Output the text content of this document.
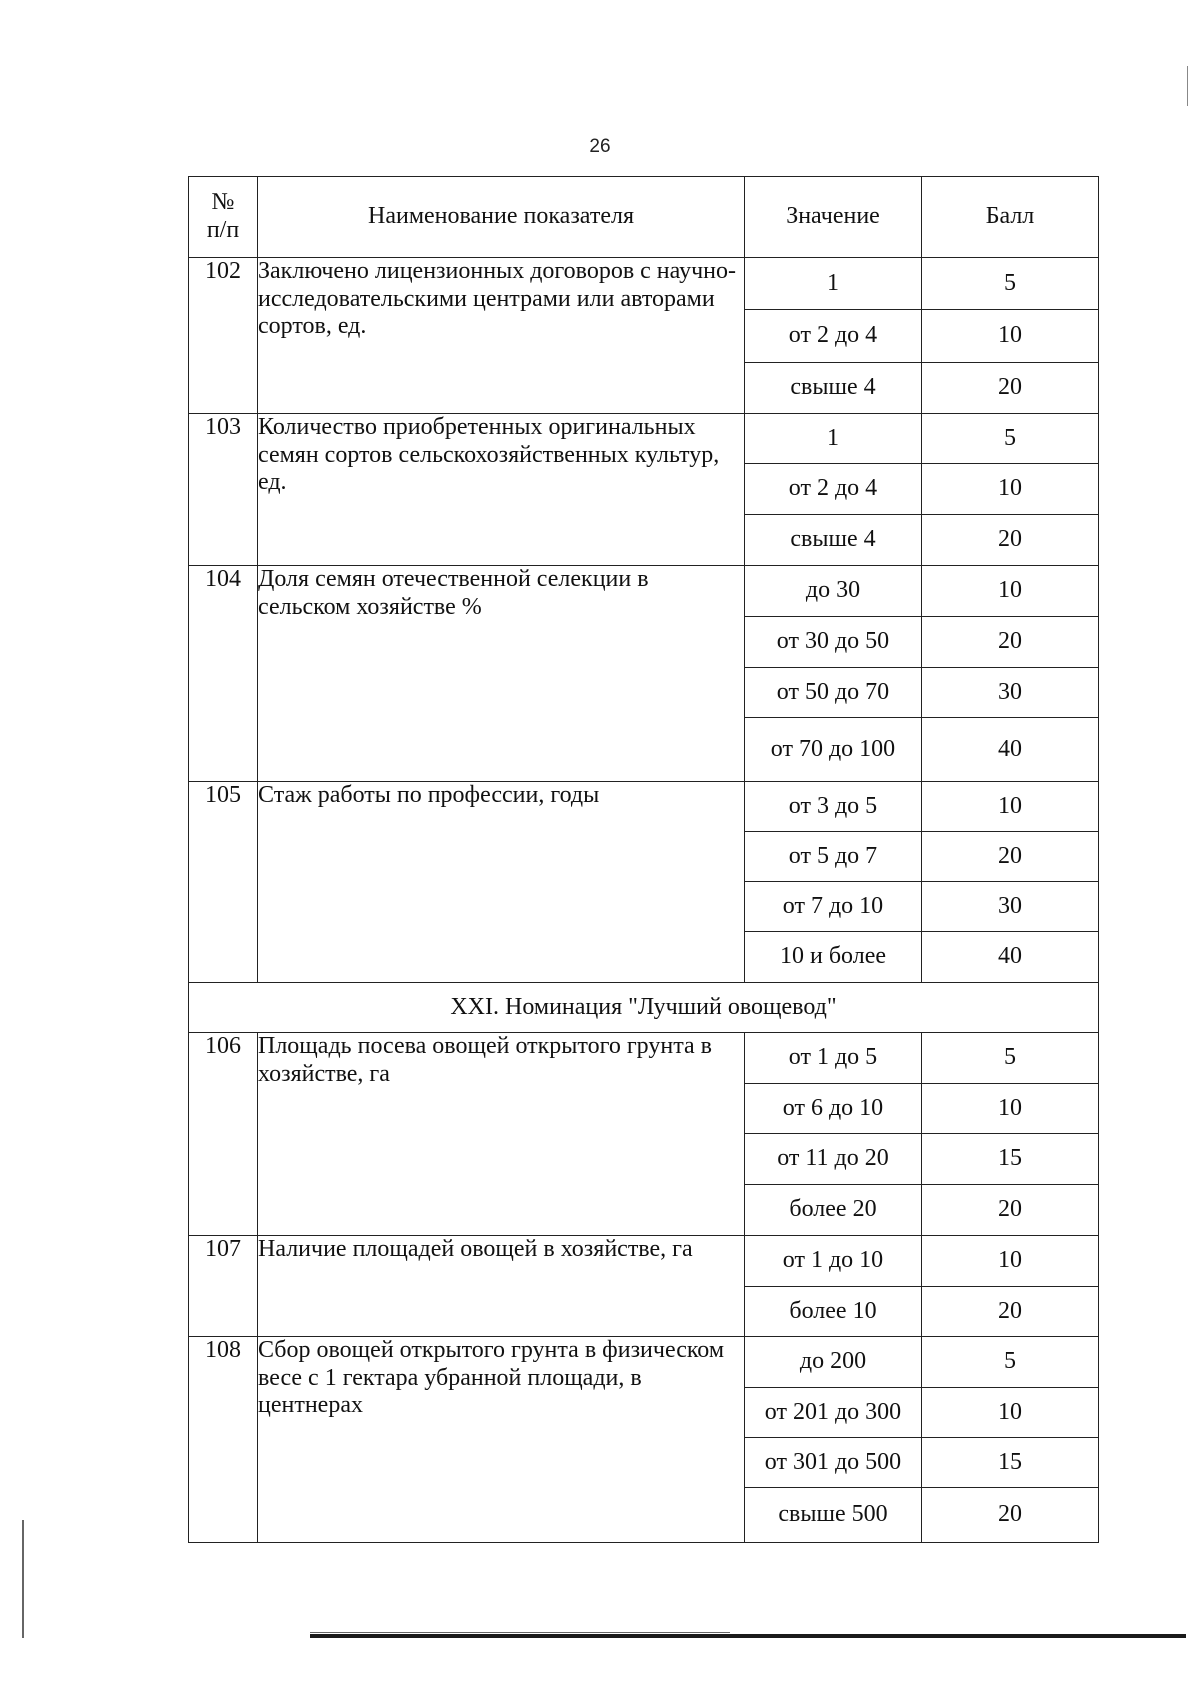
26
№
п/п	Наименование показателя	Значение	Балл
102	Заключено лицензионных договоров с научно-исследовательскими центрами или авторами сортов, ед.	1	5
		от 2 до 4	10
		свыше 4	20
103	Количество приобретенных оригинальных семян сортов сельскохозяйственных культур, ед.	1	5
		от 2 до 4	10
		свыше 4	20
104	Доля семян отечественной селекции в сельском хозяйстве %	до 30	10
		от 30 до 50	20
		от 50 до 70	30
		от 70 до 100	40
105	Стаж работы по профессии, годы	от 3 до 5	10
		от 5 до 7	20
		от 7 до 10	30
		10 и более	40
XXI. Номинация "Лучший овощевод"			
106	Площадь посева овощей открытого грунта в хозяйстве, га	от 1 до 5	5
		от 6 до 10	10
		от 11 до 20	15
		более 20	20
107	Наличие площадей овощей в хозяйстве, га	от 1 до 10	10
		более 10	20
108	Сбор овощей открытого грунта в физическом весе с 1 гектара убранной площади, в центнерах	до 200	5
		от 201 до 300	10
		от 301 до 500	15
		свыше 500	20
